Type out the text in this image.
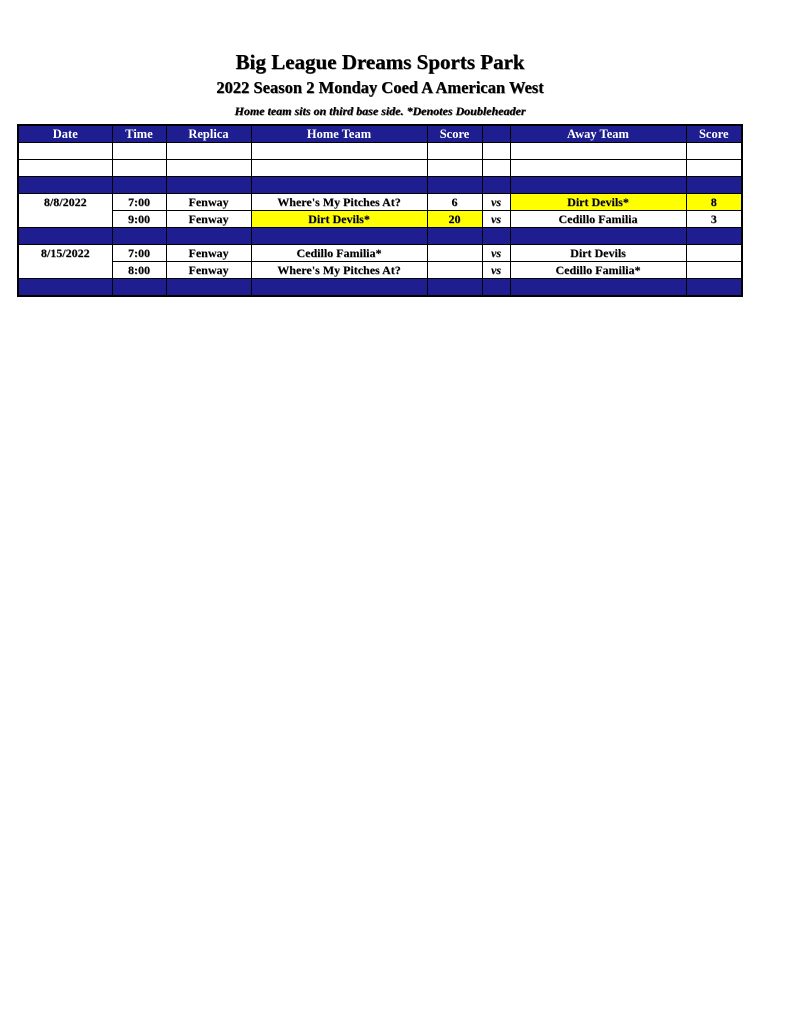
Big League Dreams Sports Park
2022 Season 2 Monday Coed A American West
Home team sits on third base side. *Denotes Doubleheader
Date	Time	Replica	Home Team	Score		Away Team	Score

8/8/2022	7:00	Fenway	Where's My Pitches At?	6	vs	Dirt Devils*	8
	9:00	Fenway	Dirt Devils*	20	vs	Cedillo Familia	3

8/15/2022	7:00	Fenway	Cedillo Familia*		vs	Dirt Devils	
	8:00	Fenway	Where's My Pitches At?		vs	Cedillo Familia*	
